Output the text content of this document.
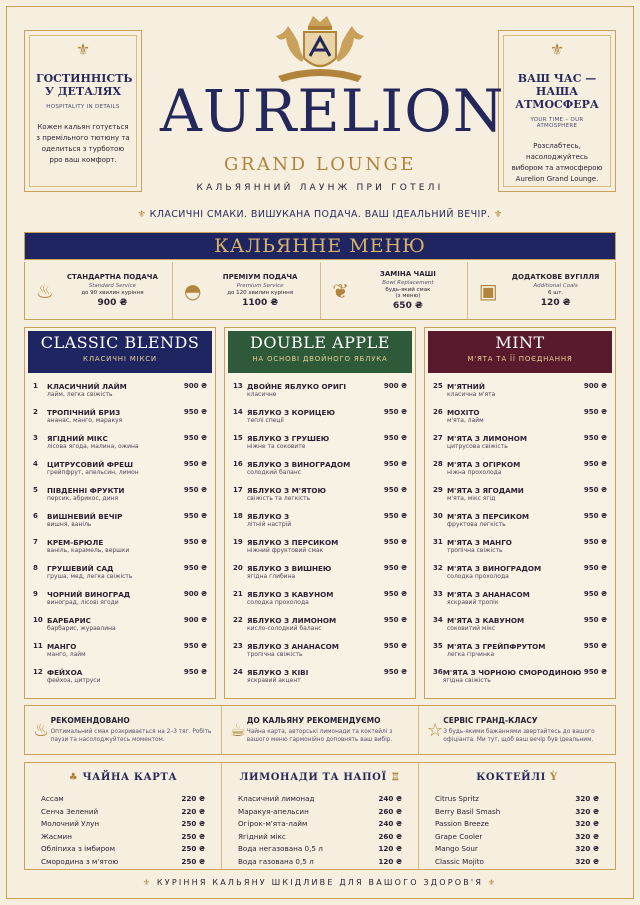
⚜
ГОСТИННІСТЬ У ДЕТАЛЯХ
HOSPITALITY IN DETAILS
Кожен кальян готується з премільного тютюну та оделиться з турботою рро ваш комфорт.
⚜
ВАШ ЧАС — НАША АТМОСФЕРА
YOUR TIME – OUR ATMOSPHERE
Розслабтесь, насолоджуйтесь вибором та атмосферою Aurelion Grand Lounge.
AURELION
GRAND LOUNGE
КАЛЬЯЯННИЙ ЛАУНЖ ПРИ ГОТЕЛІ
⚜ КЛАСИЧНІ СМАКИ. ВИШУКАНА ПОДАЧА. ВАШ ІДЕАЛЬНИЙ ВЕЧІР. ⚜
КАЛЬЯННЕ МЕНЮ
♨
СТАНДАРТНА ПОДАЧА
Standard Service
до 90 хвилин куріння
900 ₴
◓
ПРЕМІУМ ПОДАЧА
Premium Service
до 120 хвилин куріння
1100 ₴
❦
ЗАМІНА ЧАШІ
Bowl Replacement
будь-який смак
(з меню)
650 ₴
▣
ДОДАТКОВЕ ВУГІЛЛЯ
Additional Coals
6 шт.
120 ₴
CLASSIC BLENDS
КЛАСИЧНІ МІКСИ
1	КЛАСИЧНИЙ ЛАЙМ
лайм, легка свіжість
900 ₴
2	ТРОПІЧНИЙ БРИЗ
ананас, манго, маракуя
950 ₴
3	ЯГІДНИЙ МІКС
лісова ягода, малина, ожина
950 ₴
4	ЦИТРУСОВИЙ ФРЕШ
грейпфрут, апельсин, лимон
950 ₴
5	ПІВДЕННІ ФРУКТИ
персик, абрикос, диня
950 ₴
6	ВИШНЕВИЙ ВЕЧІР
вишня, ваніль
950 ₴
7	КРЕМ-БРЮЛЕ
ваніль, карамель, вершки
950 ₴
8	ГРУШЕВИЙ САД
груша, мед, легка свіжість
950 ₴
9	ЧОРНИЙ ВИНОГРАД
виноград, лісові ягоди
900 ₴
10 БАРБАРИС
барбарис, журавлина
900 ₴
11 МАНГО
манго, лайм
950 ₴
12 ФЕЙХОА
фейхоа, цитруси
950 ₴
DOUBLE APPLE
НА ОСНОВІ ДВОЙНОГО ЯБЛУКА
13 ДВОЙНЕ ЯБЛУКО ОРИГІ
класичне
900 ₴
14 ЯБЛУКО З КОРИЦЕЮ
теплі спеції
950 ₴
15 ЯБЛУКО З ГРУШЕЮ
ніжне та соковите
950 ₴
16 ЯБЛУКО З ВИНОГРАДОМ
солодкий баланс
950 ₴
17 ЯБЛУКО З М'ЯТОЮ
свіжість та легкість
950 ₴
18 ЯБЛУКО З
літній настрій
950 ₴
19 ЯБЛУКО З ПЕРСИКОМ
ніжний фруктовий смак
950 ₴
20 ЯБЛУКО З ВИШНЕЮ
ягідна глибина
950 ₴
21 ЯБЛУКО З КАВУНОМ
солодка прохолода
950 ₴
22 ЯБЛУКО З ЛИМОНОМ
кисло-солодкий баланс
950 ₴
23 ЯБЛУКО З АНАНАСОМ
тропічна свіжість
950 ₴
24 ЯБЛУКО З КІВІ
яскравий акцент
950 ₴
MINT
М'ЯТА ТА ЇЇ ПОЄДНАННЯ
25 М'ЯТНИЙ
класична м'ята
900 ₴
26 МОХІТО
м'ята, лайм
950 ₴
27 М'ЯТА З ЛИМОНОМ
цитрусова свіжість
950 ₴
28 М'ЯТА З ОГІРКОМ
ніжна прохолода
950 ₴
29 М'ЯТА З ЯГОДАМИ
м'ята, мікс ягід
950 ₴
30 М'ЯТА З ПЕРСИКОМ
фруктова легкість
950 ₴
31 М'ЯТА З МАНГО
тропічна свіжість
950 ₴
32 М'ЯТА З ВИНОГРАДОМ
солодка прохолода
950 ₴
33 М'ЯТА З АНАНАСОМ
яскравий тропік
950 ₴
34 М'ЯТА З КАВУНОМ
соковитий мікс
950 ₴
35 М'ЯТА З ГРЕЙПФРУТОМ
легка гірчинка
950 ₴
36 М'ЯТА З ЧОРНОЮ СМОРОДИНОЮ
ягідна свіжість
950 ₴
♨ РЕКОМЕНДОВАНО
Оптимальний смак розкривається на 2–3 тяг. Робіть паузи та насолоджуйтесь моментом.	☕ ДО КАЛЬЯНУ РЕКОМЕНДУЄМО
Чайна карта, авторські лимонади та коктейлі з вашого меню гармонійно доповнять ваш вибір.	☆ СЕРВІС ГРАНД-КЛАСУ
З будь-якими бажаннями звертайтесь до вашого офіціанта. Ми тут, щоб ваш вечір був ідеальним.
♣ ЧАЙНА КАРТА
Ассам	220 ₴
Сенча Зелений	220 ₴
Молочний Улун	250 ₴
Жасмин	250 ₴
Обліпиха з імбиром	250 ₴
Смородина з м'ятою	250 ₴
ЛИМОНАДИ ТА НАПОЇ ♖
Класичний лимонад	240 ₴
Маракуя-апельсин	260 ₴
Огірок-м'ята-лайм	240 ₴
Ягідний мікс	260 ₴
Вода негазована 0,5 л	120 ₴
Вода газована 0,5 л	120 ₴
КОКТЕЙЛІ Ỳ
Citrus Spritz	320 ₴
Berry Basil Smash	320 ₴
Passion Breeze	320 ₴
Grape Cooler	320 ₴
Mango Sour	320 ₴
Classic Mojito	320 ₴
⚜ КУРІННЯ КАЛЬЯНУ ШКІДЛИВЕ ДЛЯ ВАШОГО ЗДОРОВ'Я ⚜
